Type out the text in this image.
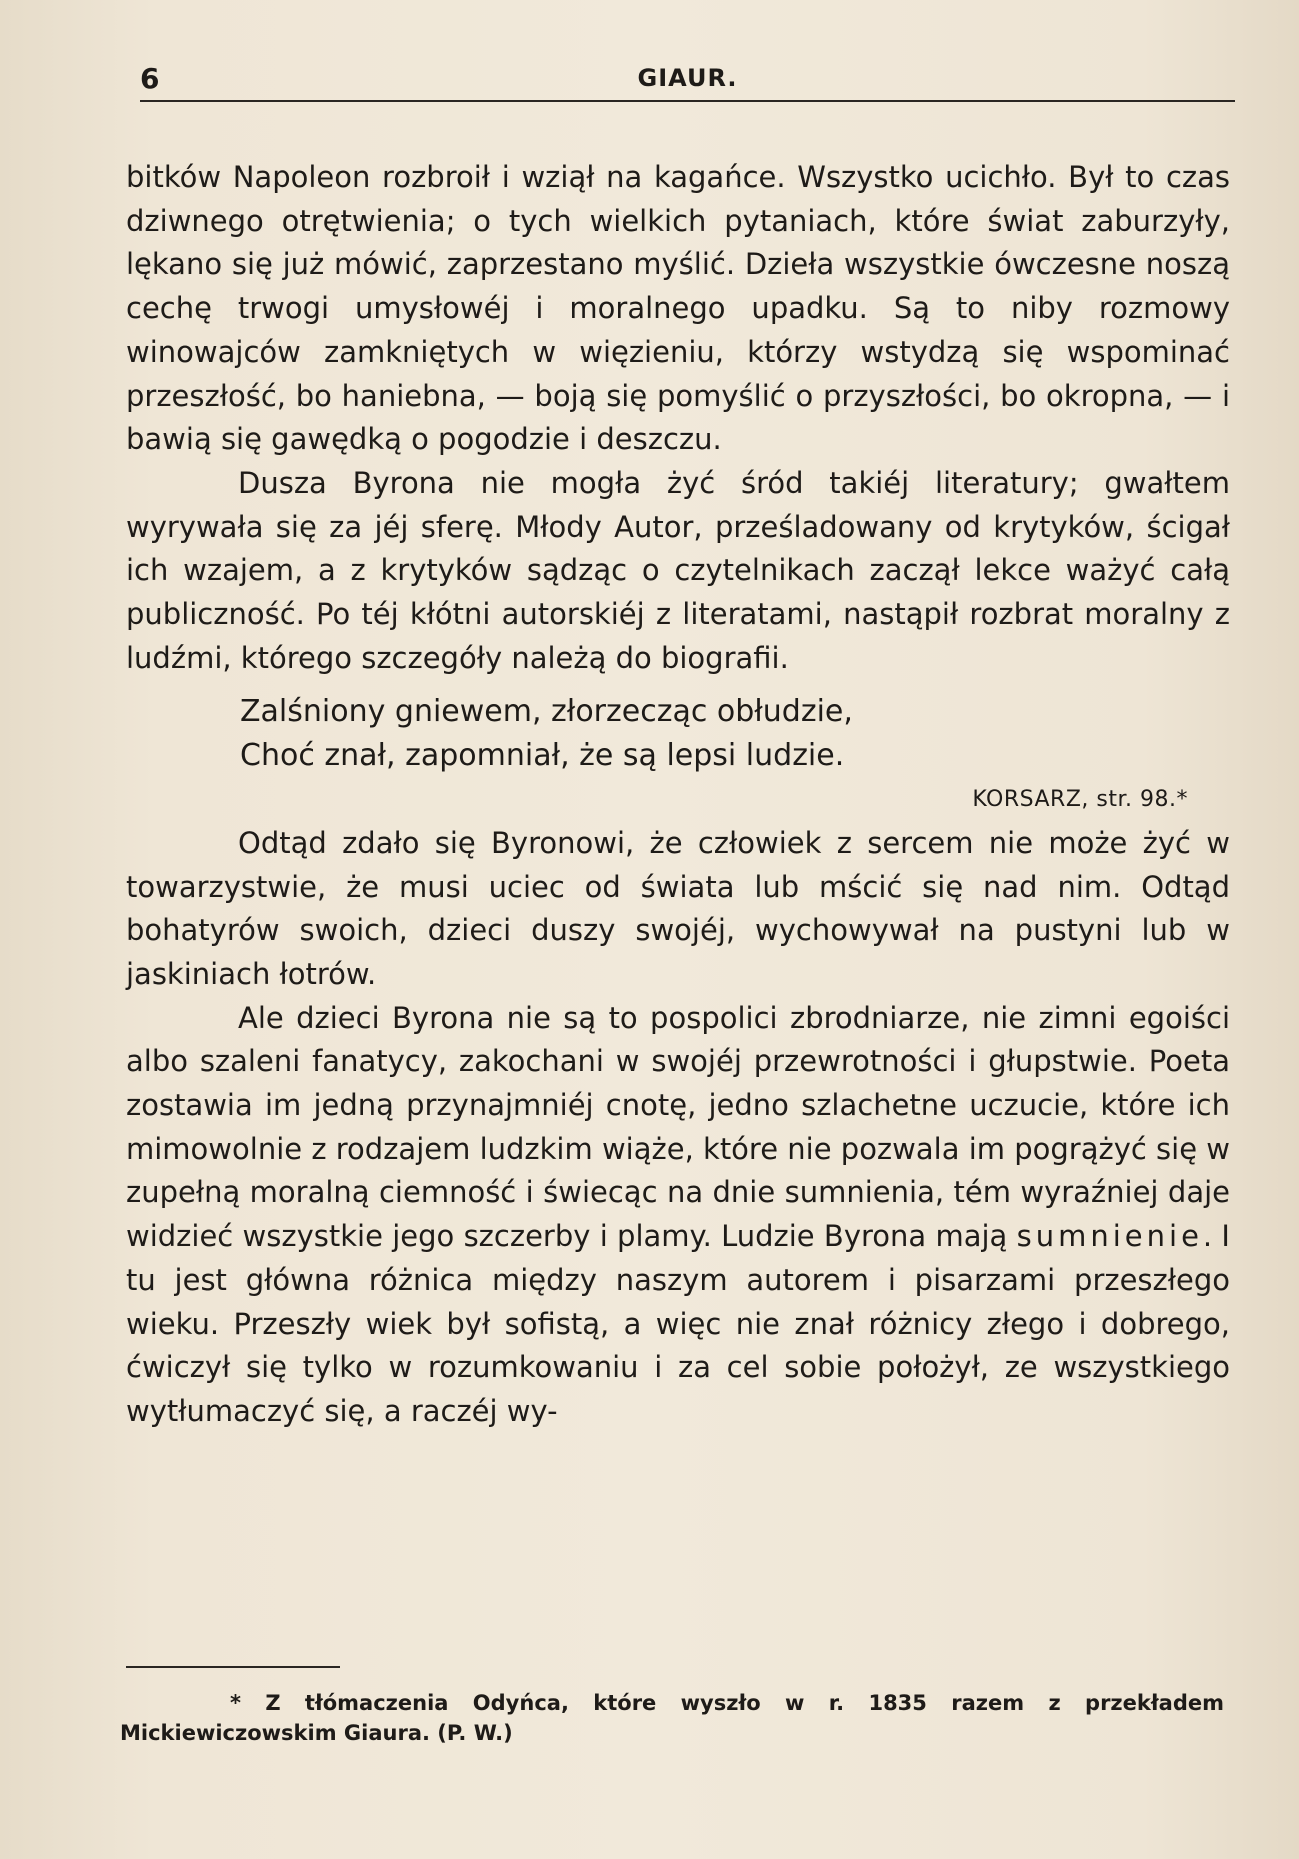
6	GIAUR.

bitków Napoleon rozbroił i wziął na kagańce. Wszystko ucichło. Był to czas dziwnego otrętwienia; o tych wielkich pytaniach, które świat zaburzyły, lękano się już mówić, zaprzestano myślić. Dzieła wszystkie ówczesne noszą cechę trwogi umysłowéj i moralnego upadku. Są to niby rozmowy winowajców zamkniętych w więzieniu, którzy wstydzą się wspominać przeszłość, bo haniebna, — boją się pomyślić o przyszłości, bo okropna, — i bawią się gawędką o pogodzie i deszczu.

Dusza Byrona nie mogła żyć śród takiéj literatury; gwałtem wyrywała się za jéj sferę. Młody Autor, prześladowany od krytyków, ścigał ich wzajem, a z krytyków sądząc o czytelnikach zaczął lekce ważyć całą publiczność. Po téj kłótni autorskiéj z literatami, nastąpił rozbrat moralny z ludźmi, którego szczegóły należą do biografii.

Zalśniony gniewem, złorzecząc obłudzie,
Choć znał, zapomniał, że są lepsi ludzie.
KORSARZ, str. 98.*

Odtąd zdało się Byronowi, że człowiek z sercem nie może żyć w towarzystwie, że musi uciec od świata lub mścić się nad nim. Odtąd bohatyrów swoich, dzieci duszy swojéj, wychowywał na pustyni lub w jaskiniach łotrów.

Ale dzieci Byrona nie są to pospolici zbrodniarze, nie zimni egoiści albo szaleni fanatycy, zakochani w swojéj przewrotności i głupstwie. Poeta zostawia im jedną przynajmniéj cnotę, jedno szlachetne uczucie, które ich mimowolnie z rodzajem ludzkim wiąże, które nie pozwala im pogrążyć się w zupełną moralną ciemność i świecąc na dnie sumnienia, tém wyraźniej daje widzieć wszystkie jego szczerby i plamy. Ludzie Byrona mają sumnienie. I tu jest główna różnica między naszym autorem i pisarzami przeszłego wieku. Przeszły wiek był sofistą, a więc nie znał różnicy złego i dobrego, ćwiczył się tylko w rozumkowaniu i za cel sobie położył, ze wszystkiego wytłumaczyć się, a raczéj wy-

* Z tłómaczenia Odyńca, które wyszło w r. 1835 razem z przekładem Mickiewiczowskim Giaura. (P. W.)
